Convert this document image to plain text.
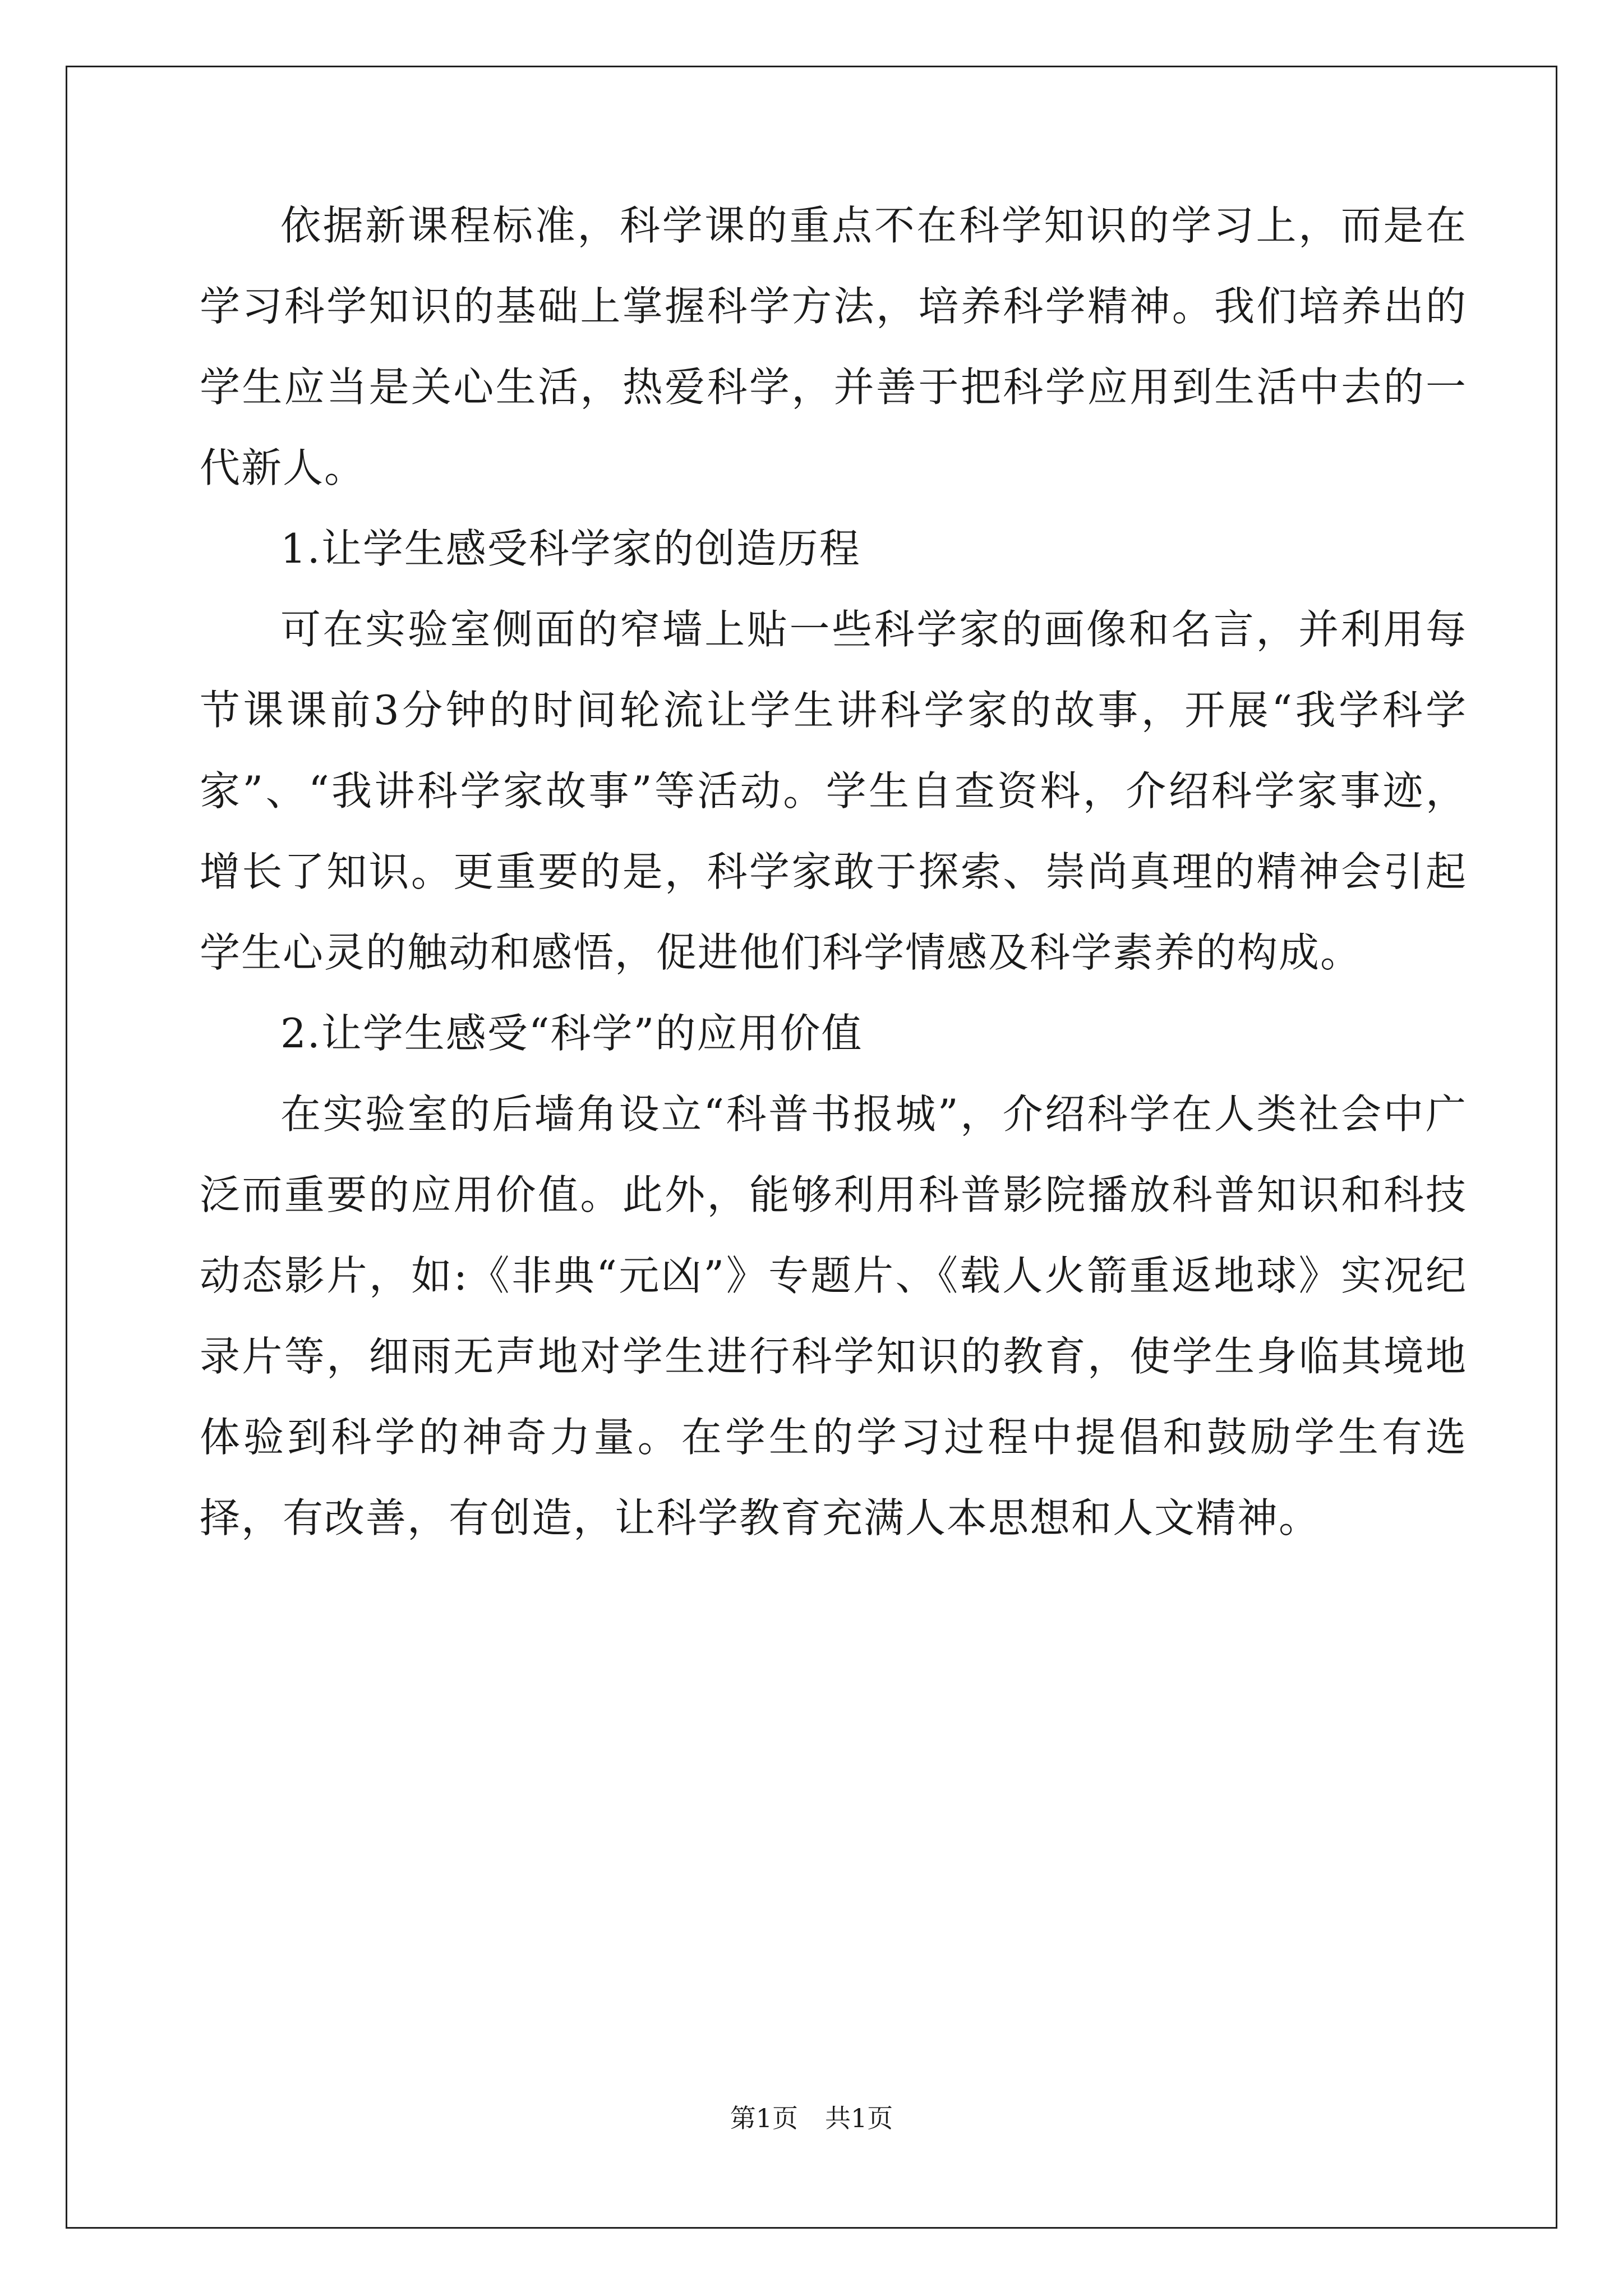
依据新课程标准，科学课的重点不在科学知识的学习上，而是在学习科学知识的基础上掌握科学方法，培养科学精神。我们培养出的学生应当是关心生活，热爱科学，并善于把科学应用到生活中去的一代新人。

1.让学生感受科学家的创造历程

可在实验室侧面的窄墙上贴一些科学家的画像和名言，并利用每节课课前3分钟的时间轮流让学生讲科学家的故事，开展“我学科学家”、“我讲科学家故事”等活动。学生自查资料，介绍科学家事迹，增长了知识。更重要的是，科学家敢于探索、崇尚真理的精神会引起学生心灵的触动和感悟，促进他们科学情感及科学素养的构成。

2.让学生感受“科学”的应用价值

在实验室的后墙角设立“科普书报城”，介绍科学在人类社会中广泛而重要的应用价值。此外，能够利用科普影院播放科普知识和科技动态影片，如:《非典“元凶”》专题片、《载人火箭重返地球》实况纪录片等，细雨无声地对学生进行科学知识的教育，使学生身临其境地体验到科学的神奇力量。在学生的学习过程中提倡和鼓励学生有选择，有改善，有创造，让科学教育充满人本思想和人文精神。

第1页 共1页
